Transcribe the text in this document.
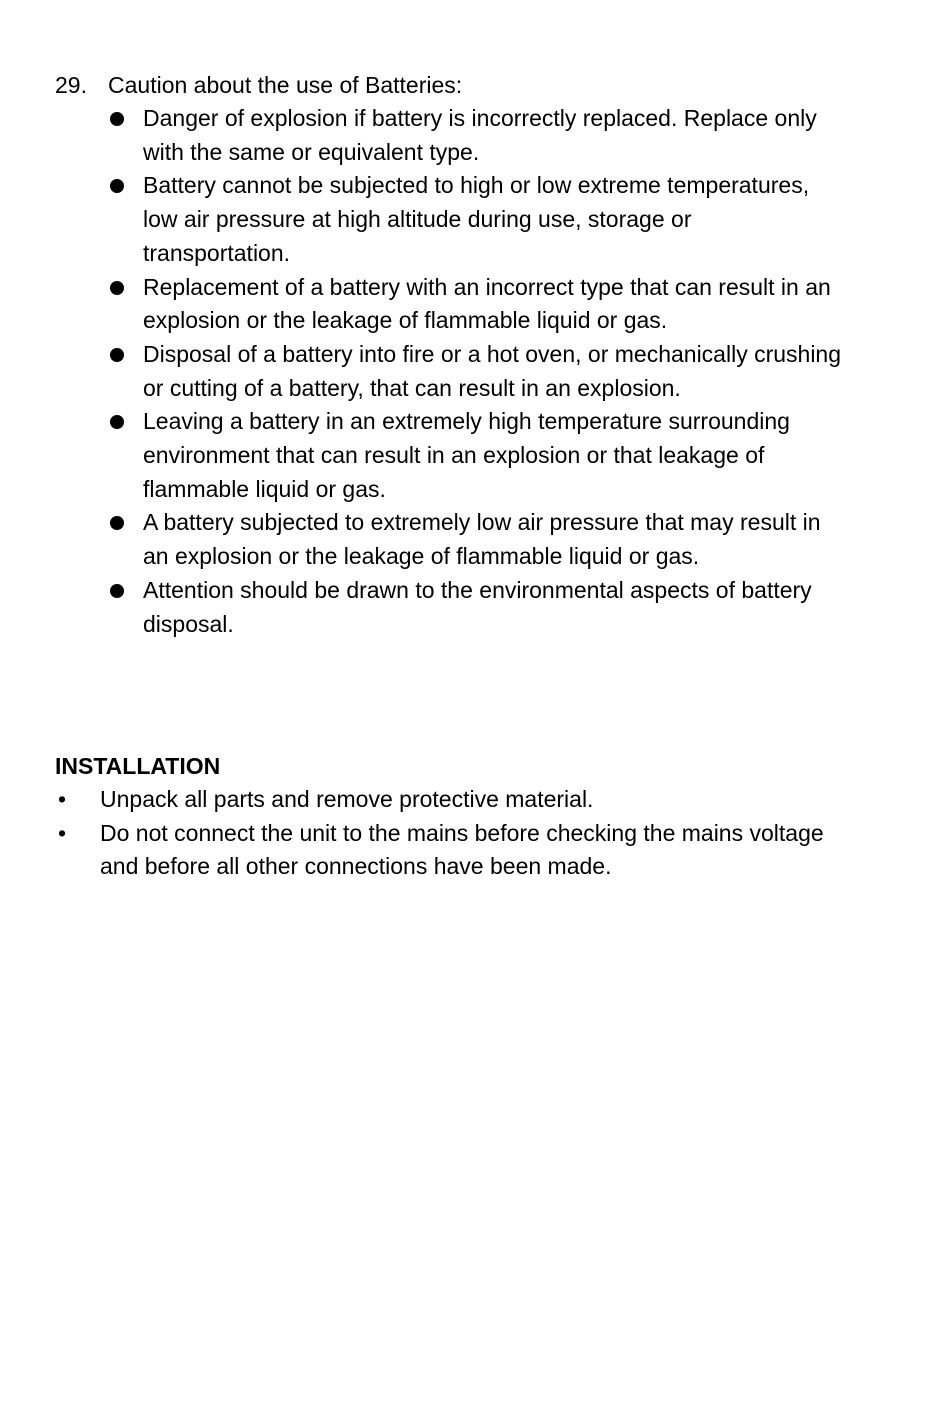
29. Caution about the use of Batteries:
Danger of explosion if battery is incorrectly replaced. Replace only with the same or equivalent type.
Battery cannot be subjected to high or low extreme temperatures, low air pressure at high altitude during use, storage or transportation.
Replacement of a battery with an incorrect type that can result in an explosion or the leakage of flammable liquid or gas.
Disposal of a battery into fire or a hot oven, or mechanically crushing or cutting of a battery, that can result in an explosion.
Leaving a battery in an extremely high temperature surrounding environment that can result in an explosion or that leakage of flammable liquid or gas.
A battery subjected to extremely low air pressure that may result in an explosion or the leakage of flammable liquid or gas.
Attention should be drawn to the environmental aspects of battery disposal.
INSTALLATION
• Unpack all parts and remove protective material.
• Do not connect the unit to the mains before checking the mains voltage and before all other connections have been made.
